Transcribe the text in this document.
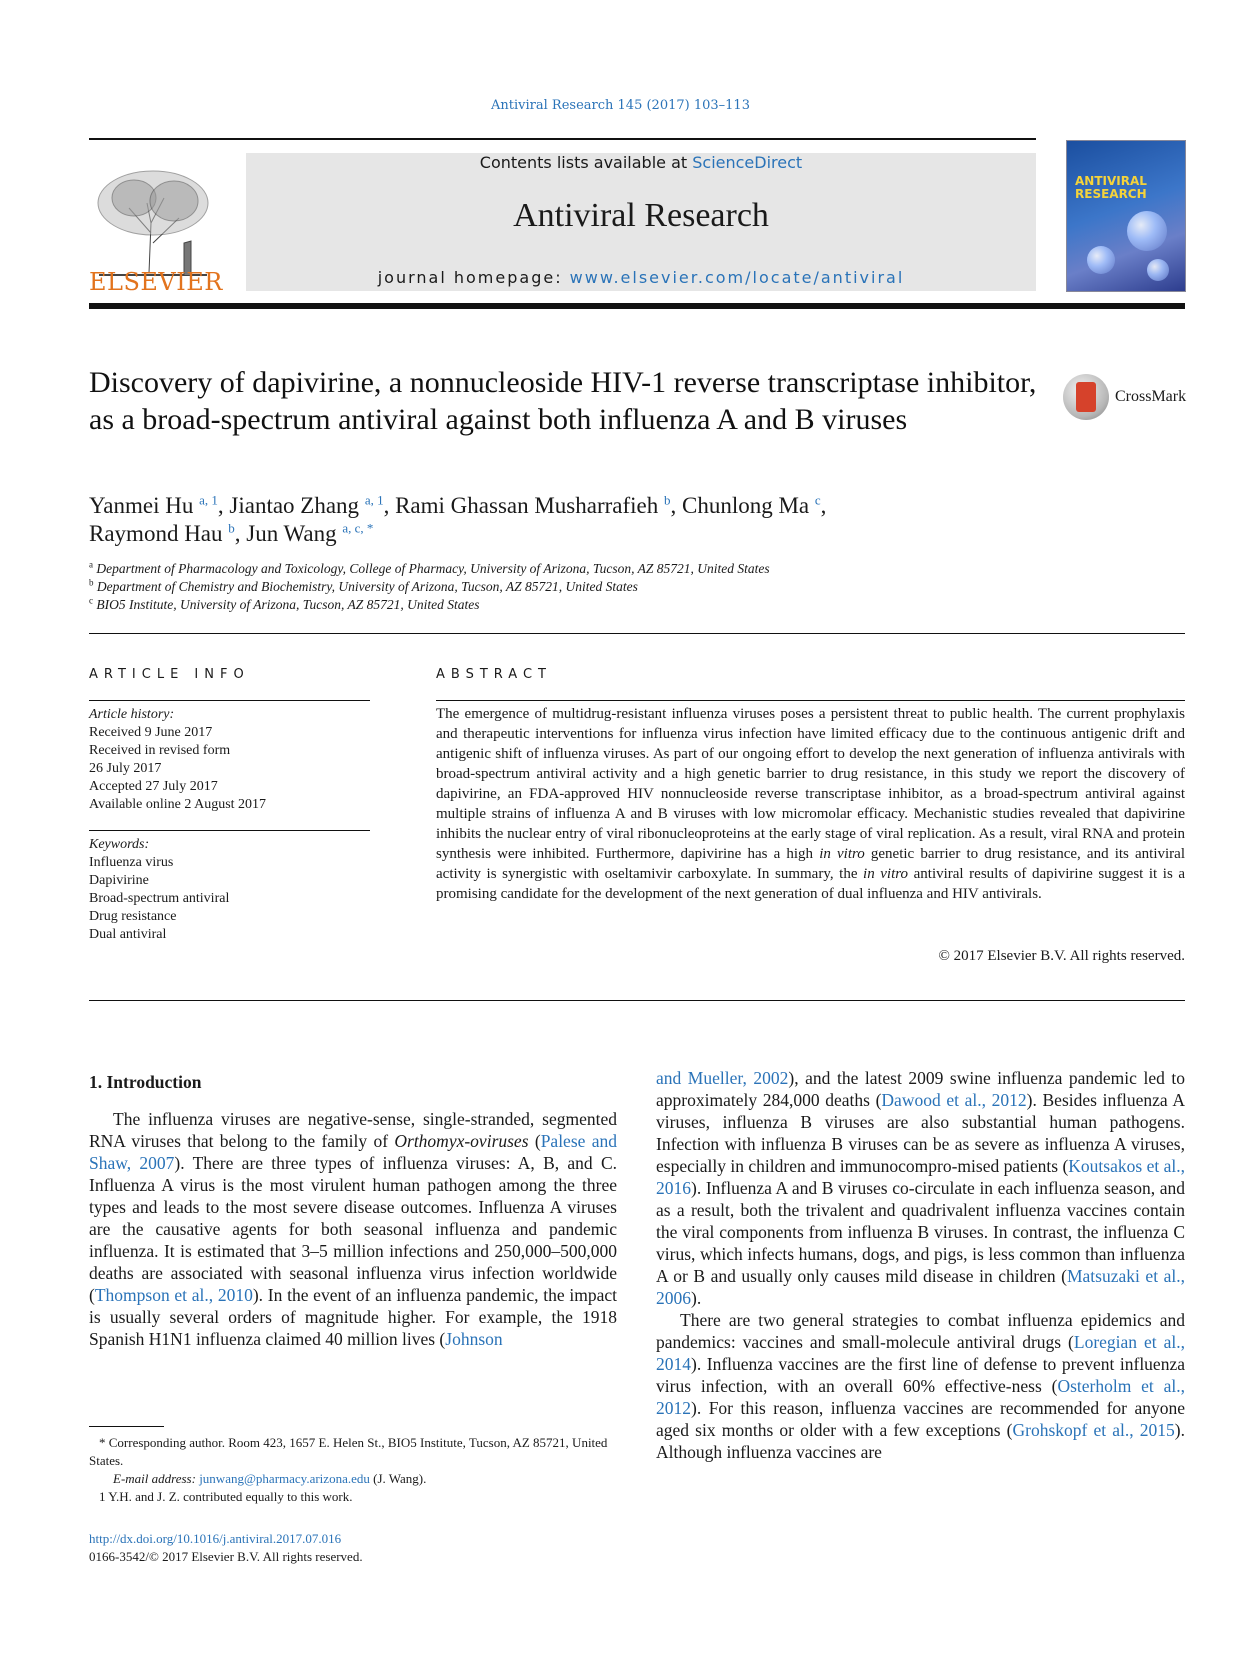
Antiviral Research 145 (2017) 103–113
ELSEVIER
Contents lists available at ScienceDirect
Antiviral Research
journal homepage: www.elsevier.com/locate/antiviral
ANTIVIRAL RESEARCH
Discovery of dapivirine, a nonnucleoside HIV-1 reverse transcriptase inhibitor, as a broad-spectrum antiviral against both influenza A and B viruses
CrossMark
Yanmei Hu $^{a, 1}$, Jiantao Zhang $^{a, 1}$, Rami Ghassan Musharrafieh $^b$, Chunlong Ma $^c$,
Raymond Hau $^b$, Jun Wang $^{a, c, *}$
$^a$ Department of Pharmacology and Toxicology, College of Pharmacy, University of Arizona, Tucson, AZ 85721, United States
$^b$ Department of Chemistry and Biochemistry, University of Arizona, Tucson, AZ 85721, United States
$^c$ BIO5 Institute, University of Arizona, Tucson, AZ 85721, United States
ARTICLE INFO
Article history:
Received 9 June 2017
Received in revised form
26 July 2017
Accepted 27 July 2017
Available online 2 August 2017
Keywords:
Influenza virus
Dapivirine
Broad-spectrum antiviral
Drug resistance
Dual antiviral
ABSTRACT
The emergence of multidrug-resistant influenza viruses poses a persistent threat to public health. The current prophylaxis and therapeutic interventions for influenza virus infection have limited efficacy due to the continuous antigenic drift and antigenic shift of influenza viruses. As part of our ongoing effort to develop the next generation of influenza antivirals with broad-spectrum antiviral activity and a high genetic barrier to drug resistance, in this study we report the discovery of dapivirine, an FDA-approved HIV nonnucleoside reverse transcriptase inhibitor, as a broad-spectrum antiviral against multiple strains of influenza A and B viruses with low micromolar efficacy. Mechanistic studies revealed that dapivirine inhibits the nuclear entry of viral ribonucleoproteins at the early stage of viral replication. As a result, viral RNA and protein synthesis were inhibited. Furthermore, dapivirine has a high in vitro genetic barrier to drug resistance, and its antiviral activity is synergistic with oseltamivir carboxylate. In summary, the in vitro antiviral results of dapivirine suggest it is a promising candidate for the development of the next generation of dual influenza and HIV antivirals.
© 2017 Elsevier B.V. All rights reserved.
1. Introduction

The influenza viruses are negative-sense, single-stranded, segmented RNA viruses that belong to the family of Orthomyx-oviruses (Palese and Shaw, 2007). There are three types of influenza viruses: A, B, and C. Influenza A virus is the most virulent human pathogen among the three types and leads to the most severe disease outcomes. Influenza A viruses are the causative agents for both seasonal influenza and pandemic influenza. It is estimated that 3–5 million infections and 250,000–500,000 deaths are associated with seasonal influenza virus infection worldwide (Thompson et al., 2010). In the event of an influenza pandemic, the impact is usually several orders of magnitude higher. For example, the 1918 Spanish H1N1 influenza claimed 40 million lives (Johnson

and Mueller, 2002), and the latest 2009 swine influenza pandemic led to approximately 284,000 deaths (Dawood et al., 2012). Besides influenza A viruses, influenza B viruses are also substantial human pathogens. Infection with influenza B viruses can be as severe as influenza A viruses, especially in children and immunocompro-mised patients (Koutsakos et al., 2016). Influenza A and B viruses co-circulate in each influenza season, and as a result, both the trivalent and quadrivalent influenza vaccines contain the viral components from influenza B viruses. In contrast, the influenza C virus, which infects humans, dogs, and pigs, is less common than influenza A or B and usually only causes mild disease in children (Matsuzaki et al., 2006).

There are two general strategies to combat influenza epidemics and pandemics: vaccines and small-molecule antiviral drugs (Loregian et al., 2014). Influenza vaccines are the first line of defense to prevent influenza virus infection, with an overall 60% effective-ness (Osterholm et al., 2012). For this reason, influenza vaccines are recommended for anyone aged six months or older with a few exceptions (Grohskopf et al., 2015). Although influenza vaccines are

* Corresponding author. Room 423, 1657 E. Helen St., BIO5 Institute, Tucson, AZ 85721, United States.
E-mail address: junwang@pharmacy.arizona.edu (J. Wang).
1 Y.H. and J. Z. contributed equally to this work.
http://dx.doi.org/10.1016/j.antiviral.2017.07.016
0166-3542/© 2017 Elsevier B.V. All rights reserved.
